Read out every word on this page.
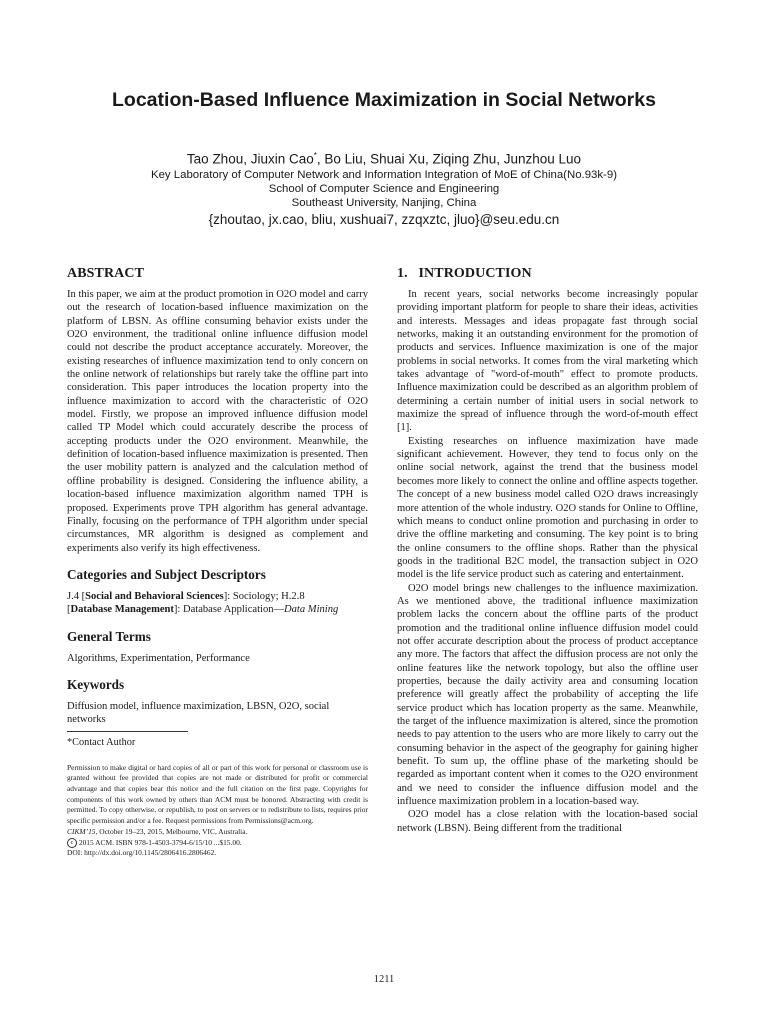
Location-Based Influence Maximization in Social Networks
Tao Zhou, Jiuxin Cao*, Bo Liu, Shuai Xu, Ziqing Zhu, Junzhou Luo
Key Laboratory of Computer Network and Information Integration of MoE of China(No.93k-9)
School of Computer Science and Engineering
Southeast University, Nanjing, China
{zhoutao, jx.cao, bliu, xushuai7, zzqxztc, jluo}@seu.edu.cn
ABSTRACT

In this paper, we aim at the product promotion in O2O model and carry out the research of location-based influence maximization on the platform of LBSN. As offline consuming behavior exists under the O2O environment, the traditional online influence diffusion model could not describe the product acceptance accurately. Moreover, the existing researches of influence maximization tend to only concern on the online network of relationships but rarely take the offline part into consideration. This paper introduces the location property into the influence maximization to accord with the characteristic of O2O model. Firstly, we propose an improved influence diffusion model called TP Model which could accurately describe the process of accepting products under the O2O environment. Meanwhile, the definition of location-based influence maximization is presented. Then the user mobility pattern is analyzed and the calculation method of offline probability is designed. Considering the influence ability, a location-based influence maximization algorithm named TPH is proposed. Experiments prove TPH algorithm has general advantage. Finally, focusing on the performance of TPH algorithm under special circumstances, MR algorithm is designed as complement and experiments also verify its high effectiveness.

Categories and Subject Descriptors

J.4 [Social and Behavioral Sciences]: Sociology; H.2.8
[Database Management]: Database Application—Data Mining

General Terms

Algorithms, Experimentation, Performance

Keywords

Diffusion model, influence maximization, LBSN, O2O, social networks

*Contact Author

Permission to make digital or hard copies of all or part of this work for personal or classroom use is granted without fee provided that copies are not made or distributed for profit or commercial advantage and that copies bear this notice and the full citation on the first page. Copyrights for components of this work owned by others than ACM must be honored. Abstracting with credit is permitted. To copy otherwise, or republish, to post on servers or to redistribute to lists, requires prior specific permission and/or a fee. Request permissions from Permissions@acm.org.

CIKM’15, October 19–23, 2015, Melbourne, VIC, Australia.

c 2015 ACM. ISBN 978-1-4503-3794-6/15/10 ...$15.00.

DOI: http://dx.doi.org/10.1145/2806416.2806462.

1.   INTRODUCTION

In recent years, social networks become increasingly popular providing important platform for people to share their ideas, activities and interests. Messages and ideas propagate fast through social networks, making it an outstanding environment for the promotion of products and services. Influence maximization is one of the major problems in social networks. It comes from the viral marketing which takes advantage of "word-of-mouth" effect to promote products. Influence maximization could be described as an algorithm problem of determining a certain number of initial users in social network to maximize the spread of influence through the word-of-mouth effect [1].

Existing researches on influence maximization have made significant achievement. However, they tend to focus only on the online social network, against the trend that the business model becomes more likely to connect the online and offline aspects together. The concept of a new business model called O2O draws increasingly more attention of the whole industry. O2O stands for Online to Offline, which means to conduct online promotion and purchasing in order to drive the offline marketing and consuming. The key point is to bring the online consumers to the offline shops. Rather than the physical goods in the traditional B2C model, the transaction subject in O2O model is the life service product such as catering and entertainment.

O2O model brings new challenges to the influence maximization. As we mentioned above, the traditional influence maximization problem lacks the concern about the offline parts of the product promotion and the traditional online influence diffusion model could not offer accurate description about the process of product acceptance any more. The factors that affect the diffusion process are not only the online features like the network topology, but also the offline user properties, because the daily activity area and consuming location preference will greatly affect the probability of accepting the life service product which has location property as the same. Meanwhile, the target of the influence maximization is altered, since the promotion needs to pay attention to the users who are more likely to carry out the consuming behavior in the aspect of the geography for gaining higher benefit. To sum up, the offline phase of the marketing should be regarded as important content when it comes to the O2O environment and we need to consider the influence diffusion model and the influence maximization problem in a location-based way.

O2O model has a close relation with the location-based social network (LBSN). Being different from the traditional

1211
